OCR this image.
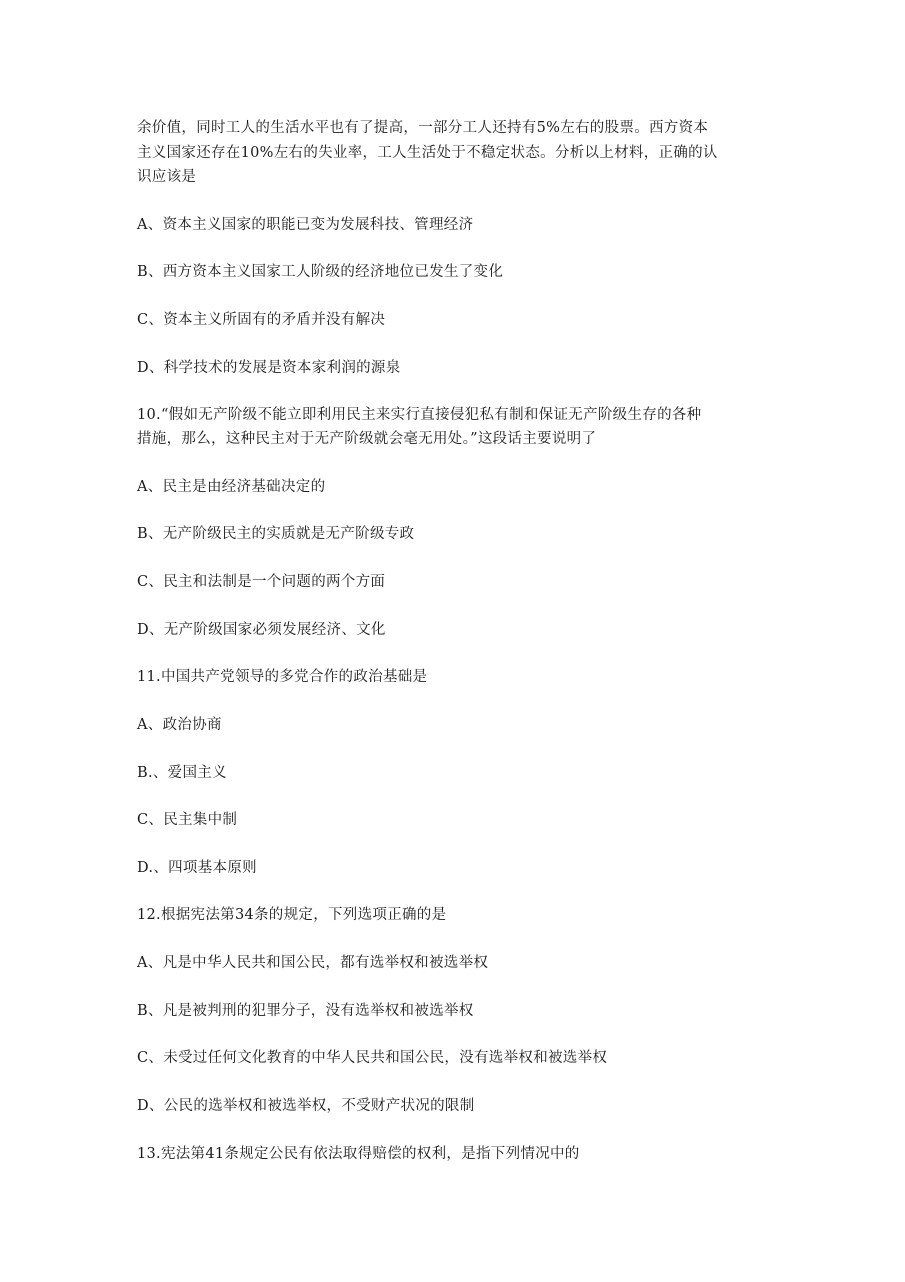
余价值，同时工人的生活水平也有了提高，一部分工人还持有5%左右的股票。西方资本
主义国家还存在10%左右的失业率，工人生活处于不稳定状态。分析以上材料，正确的认
识应该是
A、资本主义国家的职能已变为发展科技、管理经济
B、西方资本主义国家工人阶级的经济地位已发生了变化
C、资本主义所固有的矛盾并没有解决
D、科学技术的发展是资本家利润的源泉
10.“假如无产阶级不能立即利用民主来实行直接侵犯私有制和保证无产阶级生存的各种
措施，那么，这种民主对于无产阶级就会毫无用处。”这段话主要说明了
A、民主是由经济基础决定的
B、无产阶级民主的实质就是无产阶级专政
C、民主和法制是一个问题的两个方面
D、无产阶级国家必须发展经济、文化
11.中国共产党领导的多党合作的政治基础是
A、政治协商
B.、爱国主义
C、民主集中制
D.、四项基本原则
12.根据宪法第34条的规定，下列选项正确的是
A、凡是中华人民共和国公民，都有选举权和被选举权
B、凡是被判刑的犯罪分子，没有选举权和被选举权
C、未受过任何文化教育的中华人民共和国公民，没有选举权和被选举权
D、公民的选举权和被选举权，不受财产状况的限制
13.宪法第41条规定公民有依法取得赔偿的权利，是指下列情况中的
